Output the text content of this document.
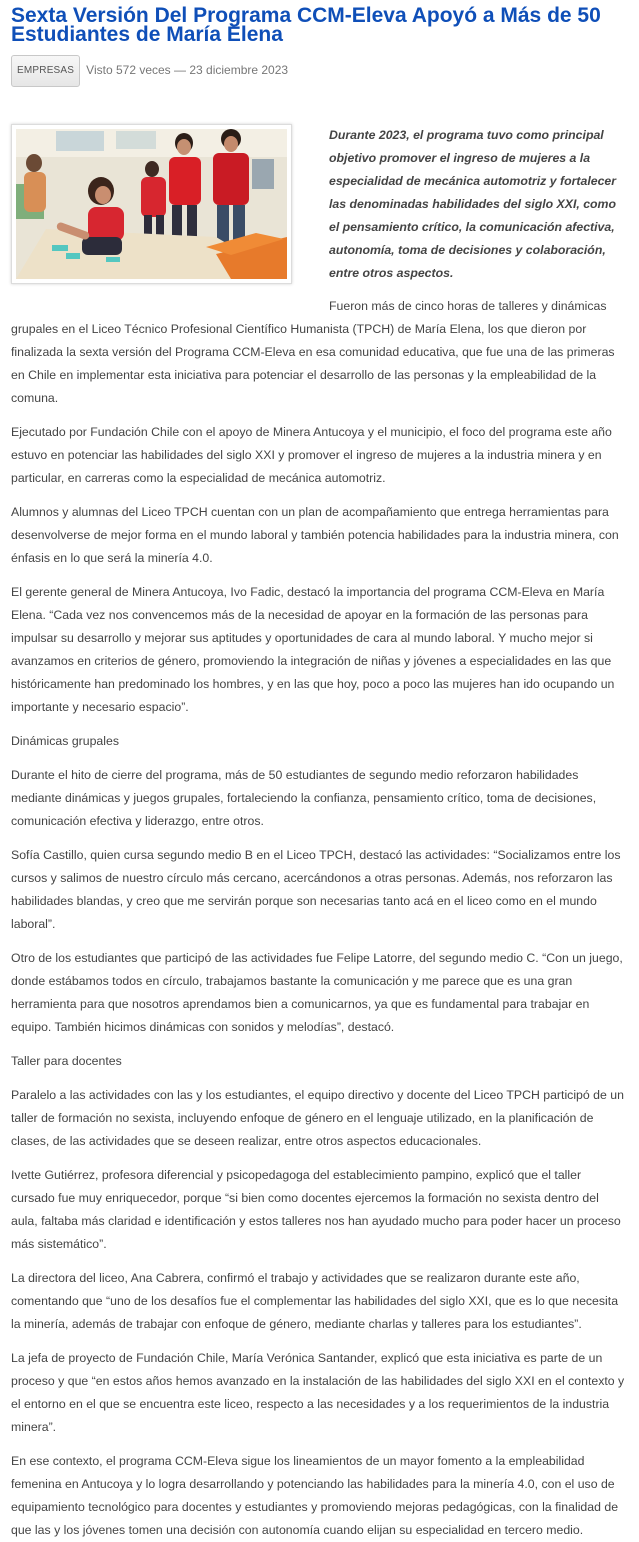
Sexta Versión Del Programa CCM-Eleva Apoyó a Más de 50 Estudiantes de María Elena
EMPRESAS	Visto 572 veces — 23 diciembre 2023

Durante 2023, el programa tuvo como principal objetivo promover el ingreso de mujeres a la especialidad de mecánica automotriz y fortalecer las denominadas habilidades del siglo XXI, como el pensamiento crítico, la comunicación afectiva, autonomía, toma de decisiones y colaboración, entre otros aspectos.

Fueron más de cinco horas de talleres y dinámicas grupales en el Liceo Técnico Profesional Científico Humanista (TPCH) de María Elena, los que dieron por finalizada la sexta versión del Programa CCM-Eleva en esa comunidad educativa, que fue una de las primeras en Chile en implementar esta iniciativa para potenciar el desarrollo de las personas y la empleabilidad de la comuna.

Ejecutado por Fundación Chile con el apoyo de Minera Antucoya y el municipio, el foco del programa este año estuvo en potenciar las habilidades del siglo XXI y promover el ingreso de mujeres a la industria minera y en particular, en carreras como la especialidad de mecánica automotriz.

Alumnos y alumnas del Liceo TPCH cuentan con un plan de acompañamiento que entrega herramientas para desenvolverse de mejor forma en el mundo laboral y también potencia habilidades para la industria minera, con énfasis en lo que será la minería 4.0.

El gerente general de Minera Antucoya, Ivo Fadic, destacó la importancia del programa CCM-Eleva en María Elena. “Cada vez nos convencemos más de la necesidad de apoyar en la formación de las personas para impulsar su desarrollo y mejorar sus aptitudes y oportunidades de cara al mundo laboral. Y mucho mejor si avanzamos en criterios de género, promoviendo la integración de niñas y jóvenes a especialidades en las que históricamente han predominado los hombres, y en las que hoy, poco a poco las mujeres han ido ocupando un importante y necesario espacio”.

Dinámicas grupales

Durante el hito de cierre del programa, más de 50 estudiantes de segundo medio reforzaron habilidades mediante dinámicas y juegos grupales, fortaleciendo la confianza, pensamiento crítico, toma de decisiones, comunicación efectiva y liderazgo, entre otros.

Sofía Castillo, quien cursa segundo medio B en el Liceo TPCH, destacó las actividades: “Socializamos entre los cursos y salimos de nuestro círculo más cercano, acercándonos a otras personas. Además, nos reforzaron las habilidades blandas, y creo que me servirán porque son necesarias tanto acá en el liceo como en el mundo laboral”.

Otro de los estudiantes que participó de las actividades fue Felipe Latorre, del segundo medio C. “Con un juego, donde estábamos todos en círculo, trabajamos bastante la comunicación y me parece que es una gran herramienta para que nosotros aprendamos bien a comunicarnos, ya que es fundamental para trabajar en equipo. También hicimos dinámicas con sonidos y melodías”, destacó.

Taller para docentes

Paralelo a las actividades con las y los estudiantes, el equipo directivo y docente del Liceo TPCH participó de un taller de formación no sexista, incluyendo enfoque de género en el lenguaje utilizado, en la planificación de clases, de las actividades que se deseen realizar, entre otros aspectos educacionales.

Ivette Gutiérrez, profesora diferencial y psicopedagoga del establecimiento pampino, explicó que el taller cursado fue muy enriquecedor, porque “si bien como docentes ejercemos la formación no sexista dentro del aula, faltaba más claridad e identificación y estos talleres nos han ayudado mucho para poder hacer un proceso más sistemático”.

La directora del liceo, Ana Cabrera, confirmó el trabajo y actividades que se realizaron durante este año, comentando que “uno de los desafíos fue el complementar las habilidades del siglo XXI, que es lo que necesita la minería, además de trabajar con enfoque de género, mediante charlas y talleres para los estudiantes”.

La jefa de proyecto de Fundación Chile, María Verónica Santander, explicó que esta iniciativa es parte de un proceso y que “en estos años hemos avanzado en la instalación de las habilidades del siglo XXI en el contexto y el entorno en el que se encuentra este liceo, respecto a las necesidades y a los requerimientos de la industria minera”.

En ese contexto, el programa CCM-Eleva sigue los lineamientos de un mayor fomento a la empleabilidad femenina en Antucoya y lo logra desarrollando y potenciando las habilidades para la minería 4.0, con el uso de equipamiento tecnológico para docentes y estudiantes y promoviendo mejoras pedagógicas, con la finalidad de que las y los jóvenes tomen una decisión con autonomía cuando elijan su especialidad en tercero medio.
